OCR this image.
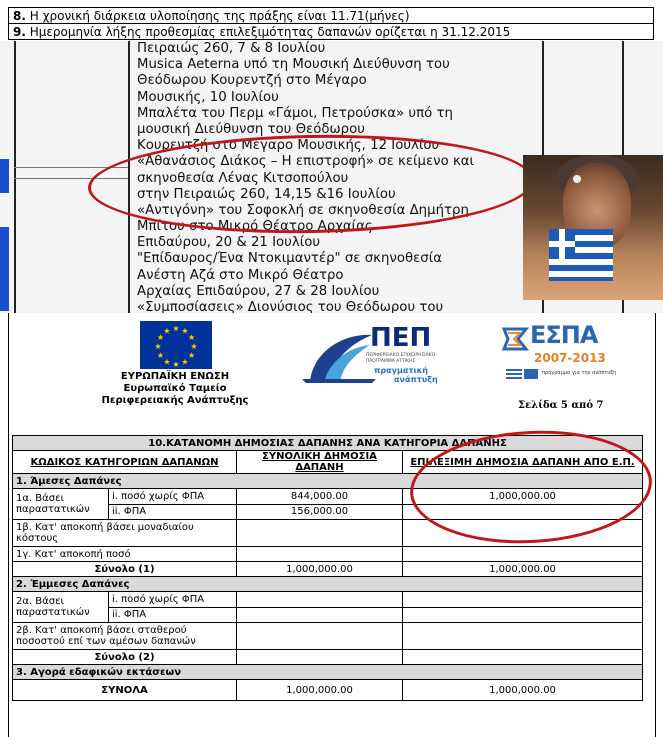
8. Η χρονική διάρκεια υλοποίησης της πράξης είναι 11.71(μήνες)
9. Ημερομηνία λήξης προθεσμίας επιλεξιμότητας δαπανών ορίζεται η 31.12.2015
Πειραιώς 260, 7 & 8 Ιουλίου
Musica Aeterna υπό τη Μουσική Διεύθυνση του
Θεόδωρου Κουρεντζή στο Μέγαρο
Μουσικής, 10 Ιουλίου
Μπαλέτα του Περμ «Γάμοι, Πετρούσκα» υπό τη
μουσική Διεύθυνση του Θεόδωρου
Κουρεντζή στο Μέγαρο Μουσικής, 12 Ιουλίου
«Αθανάσιος Διάκος – Η επιστροφή» σε κείμενο και
σκηνοθεσία Λένας Κιτσοπούλου
στην Πειραιώς 260, 14,15 &16 Ιουλίου
«Αντιγόνη» του Σοφοκλή σε σκηνοθεσία Δημήτρη
Μπίτου στο Μικρό Θέατρο Αρχαίας
Επιδαύρου, 20 & 21 Ιουλίου
"Επίδαυρος/Ένα Ντοκιμαντέρ" σε σκηνοθεσία
Ανέστη Αζά στο Μικρό Θέατρο
Αρχαίας Επιδαύρου, 27 & 28 Ιουλίου
«Συμποσίασεις» Διονύσιος του Θεόδωρου του
★ ★
★
★
★
★
★
★
★
★
★
★
ΕΥΡΩΠΑΪΚΗ ΕΝΩΣΗ
Ευρωπαϊκό Ταμείο
Περιφερειακής Ανάπτυξης
ΠΕΠ
ΠΕΡΙΦΕΡΕΙΑΚΟ ΕΠΙΧΕΙΡΗΣΙΑΚΟ
ΠΡΟΓΡΑΜΜΑ ΑΤΤΙΚΗΣ
πραγματική
ανάπτυξη
ΕΣΠΑ
2007-2013
πρόγραμμα για την ανάπτυξη
Σελίδα 5 από 7
10.ΚΑΤΑΝΟΜΗ ΔΗΜΟΣΙΑΣ ΔΑΠΑΝΗΣ ΑΝΑ ΚΑΤΗΓΟΡΙΑ ΔΑΠΑΝΗΣ			
ΚΩΔΙΚΟΣ ΚΑΤΗΓΟΡΙΩΝ ΔΑΠΑΝΩΝ		ΣΥΝΟΛΙΚΗ ΔΗΜΟΣΙΑ ΔΑΠΑΝΗ	ΕΠΙΛΕΞΙΜΗ ΔΗΜΟΣΙΑ ΔΑΠΑΝΗ ΑΠΟ Ε.Π.
1. Άμεσες Δαπάνες			
1α. Βάσει παραστατικών	i. ποσό χωρίς ΦΠΑ	844,000.00	1,000,000.00
	ii. ΦΠΑ	156,000.00	
1β. Κατ' αποκοπή βάσει μοναδιαίου κόστους			
1γ. Κατ' αποκοπή ποσό			
Σύνολο (1)		1,000,000.00	1,000,000.00
2. Έμμεσες Δαπάνες			
2α. Βάσει παραστατικών	i. ποσό χωρίς ΦΠΑ		
	ii. ΦΠΑ		
2β. Κατ' αποκοπή βάσει σταθερού ποσοστού επί των αμέσων δαπανών			
Σύνολο (2)			
3. Αγορά εδαφικών εκτάσεων			
ΣΥΝΟΛΑ		1,000,000.00	1,000,000.00
